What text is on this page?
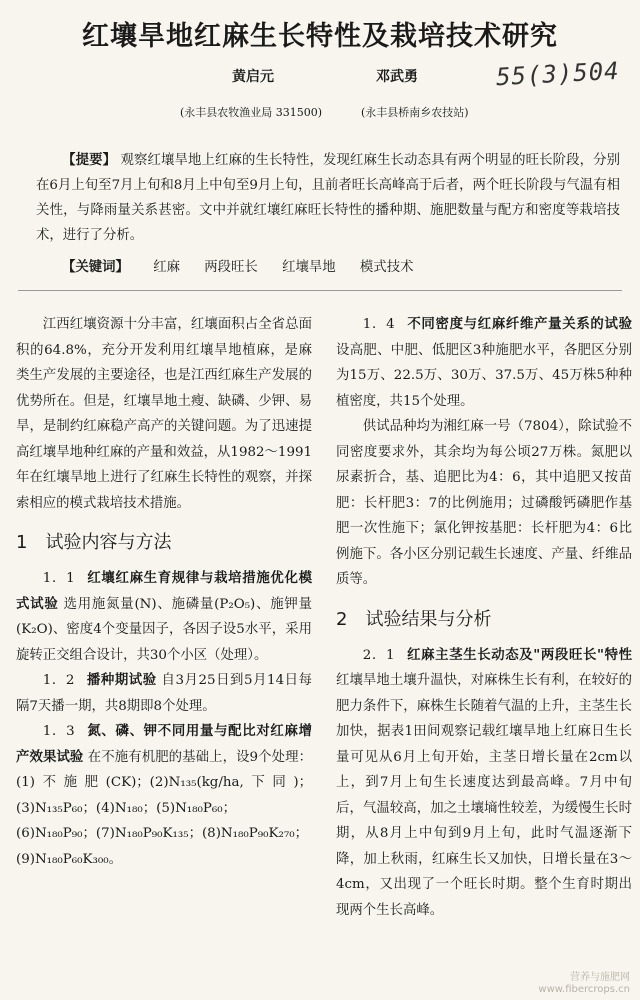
红壤旱地红麻生长特性及栽培技术研究
黄启元	邓武勇	55(3)504
(永丰县农牧渔业局 331500)	(永丰县桥南乡农技站)
【提要】 观察红壤旱地上红麻的生长特性，发现红麻生长动态具有两个明显的旺长阶段，分别在6月上旬至7月上旬和8月上中旬至9月上旬，且前者旺长高峰高于后者，两个旺长阶段与气温有相关性，与降雨量关系甚密。文中并就红壤红麻旺长特性的播种期、施肥数量与配方和密度等栽培技术，进行了分析。
【关键词】 红麻 两段旺长 红壤旱地 模式技术

江西红壤资源十分丰富，红壤面积占全省总面积的64.8%，充分开发利用红壤旱地植麻，是麻类生产发展的主要途径，也是江西红麻生产发展的优势所在。但是，红壤旱地土瘦、缺磷、少钾、易旱，是制约红麻稳产高产的关键问题。为了迅速提高红壤旱地种红麻的产量和效益，从1982～1991年在红壤旱地上进行了红麻生长特性的观察，并探索相应的模式栽培技术措施。

1 试验内容与方法

1．1 红壤红麻生育规律与栽培措施优化模式试验 选用施氮量(N)、施磷量(P₂O₅)、施钾量(K₂O)、密度4个变量因子，各因子设5水平，采用旋转正交组合设计，共30个小区（处理）。

1．2 播种期试验 自3月25日到5月14日每隔7天播一期，共8期即8个处理。

1．3 氮、磷、钾不同用量与配比对红麻增产效果试验 在不施有机肥的基础上，设9个处理：(1)不施肥(CK)；(2)N₁₃₅(kg/ha,下同)；(3)N₁₃₅P₆₀；(4)N₁₈₀；(5)N₁₈₀P₆₀；(6)N₁₈₀P₉₀；(7)N₁₈₀P₉₀K₁₃₅；(8)N₁₈₀P₉₀K₂₇₀；(9)N₁₈₀P₆₀K₃₀₀。

1．4 不同密度与红麻纤维产量关系的试验 设高肥、中肥、低肥区3种施肥水平，各肥区分别为15万、22.5万、30万、37.5万、45万株5种种植密度，共15个处理。

供试品种均为湘红麻一号（7804），除试验不同密度要求外，其余均为每公顷27万株。氮肥以尿素折合，基、追肥比为4：6，其中追肥又按苗肥：长杆肥3：7的比例施用；过磷酸钙磷肥作基肥一次性施下；氯化钾按基肥：长杆肥为4：6比例施下。各小区分别记载生长速度、产量、纤维品质等。

2 试验结果与分析

2．1 红麻主茎生长动态及"两段旺长"特性 红壤旱地土壤升温快，对麻株生长有利，在较好的肥力条件下，麻株生长随着气温的上升，主茎生长加快，据表1田间观察记载红壤旱地上红麻日生长量可见从6月上旬开始，主茎日增长量在2cm以上，到7月上旬生长速度达到最高峰。7月中旬后，气温较高，加之土壤墒性较差，为缓慢生长时期，从8月上中旬到9月上旬，此时气温逐渐下降，加上秋雨，红麻生长又加快，日增长量在3～4cm，又出现了一个旺长时期。整个生育时期出现两个生长高峰。

营养与施肥网
www.fibercrops.cn
